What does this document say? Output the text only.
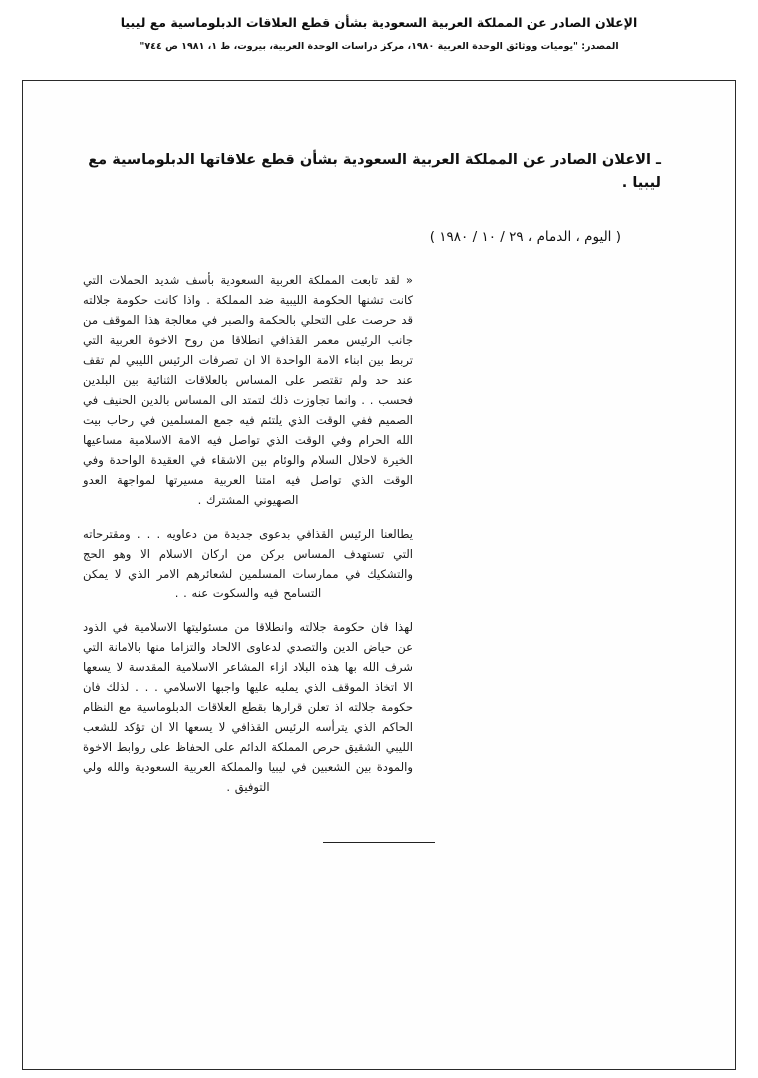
الإعلان الصادر عن المملكة العربية السعودية بشأن قطع العلاقات الدبلوماسية مع ليبيا
المصدر: "يوميات ووثائق الوحدة العربية ١٩٨٠، مركز دراسات الوحدة العربية، بيروت، ط ١، ١٩٨١ ص ٧٤٤"
ـ الاعلان الصادر عن المملكة العربية السعودية بشأن قطع علاقاتها الدبلوماسية مع ليبيا .
( اليوم ، الدمام ، ٢٩ / ١٠ / ١٩٨٠ )

« لقد تابعت المملكة العربية السعودية بأسف شديد الحملات التي كانت تشنها الحكومة الليبية ضد المملكة . واذا كانت حكومة جلالته قد حرصت على التحلي بالحكمة والصبر في معالجة هذا الموقف من جانب الرئيس معمر القذافي انطلاقا من روح الاخوة العربية التي تربط بين ابناء الامة الواحدة الا ان تصرفات الرئيس الليبي لم تقف عند حد ولم تقتصر على المساس بالعلاقات الثنائية بين البلدين فحسب . . وانما تجاوزت ذلك لتمتد الى المساس بالدين الحنيف في الصميم ففي الوقت الذي يلتئم فيه جمع المسلمين في رحاب بيت الله الحرام وفي الوقت الذي تواصل فيه الامة الاسلامية مساعيها الخيرة لاحلال السلام والوئام بين الاشقاء في العقيدة الواحدة وفي الوقت الذي تواصل فيه امتنا العربية مسيرتها لمواجهة العدو الصهيوني المشترك .

يطالعنا الرئيس القذافي بدعوى جديدة من دعاويه . . . ومقترحاته التي تستهدف المساس بركن من اركان الاسلام الا وهو الحج والتشكيك في ممارسات المسلمين لشعائرهم الامر الذي لا يمكن التسامح فيه والسكوت عنه . .

لهذا فان حكومة جلالته وانطلاقا من مسئوليتها الاسلامية في الذود عن حياض الدين والتصدي لدعاوى الالحاد والتزاما منها بالامانة التي شرف الله بها هذه البلاد ازاء المشاعر الاسلامية المقدسة لا يسعها الا اتخاذ الموقف الذي يمليه عليها واجبها الاسلامي . . . لذلك فان حكومة جلالته اذ تعلن قرارها بقطع العلاقات الدبلوماسية مع النظام الحاكم الذي يترأسه الرئيس القذافي لا يسعها الا ان تؤكد للشعب الليبي الشقيق حرص المملكة الدائم على الحفاظ على روابط الاخوة والمودة بين الشعبين في ليبيا والمملكة العربية السعودية والله ولي التوفيق .
